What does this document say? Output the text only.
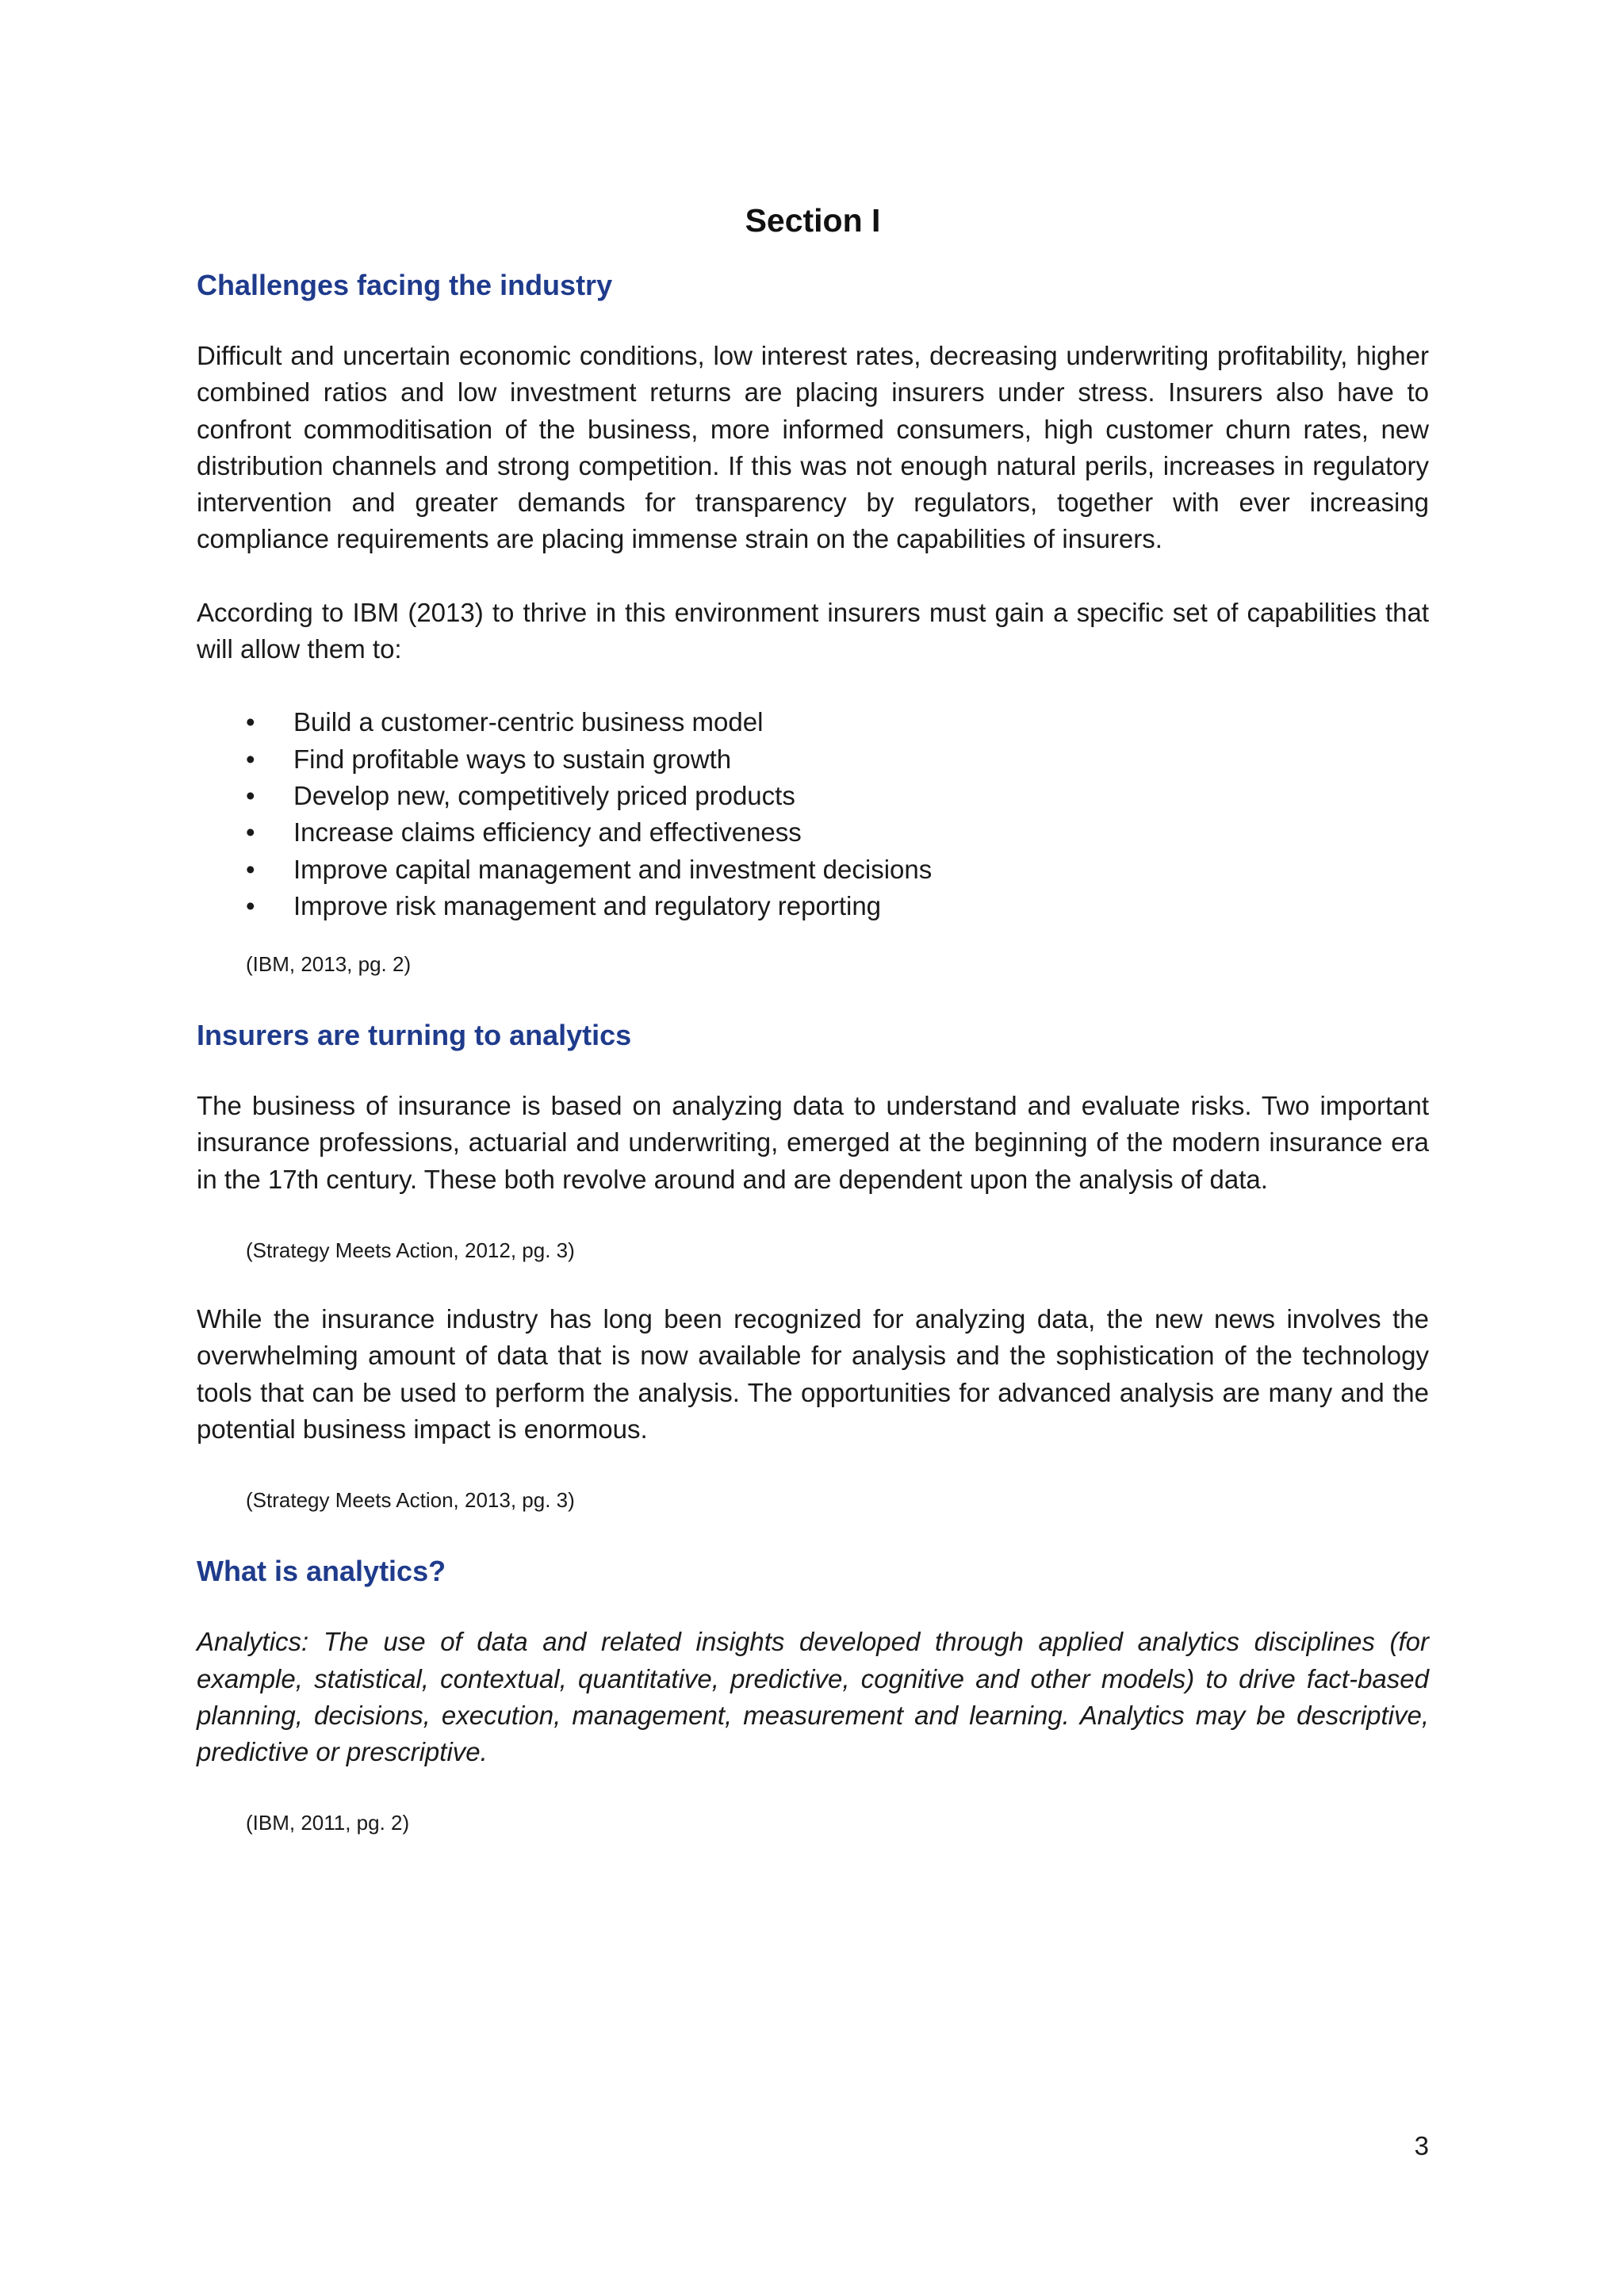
Section I
Challenges facing the industry

Difficult and uncertain economic conditions, low interest rates, decreasing underwriting profitability, higher combined ratios and low investment returns are placing insurers under stress. Insurers also have to confront commoditisation of the business, more informed consumers, high customer churn rates, new distribution channels and strong competition. If this was not enough natural perils, increases in regulatory intervention and greater demands for transparency by regulators, together with ever increasing compliance requirements are placing immense strain on the capabilities of insurers.

According to IBM (2013) to thrive in this environment insurers must gain a specific set of capabilities that will allow them to:

• Build a customer-centric business model
• Find profitable ways to sustain growth
• Develop new, competitively priced products
• Increase claims efficiency and effectiveness
• Improve capital management and investment decisions
• Improve risk management and regulatory reporting

(IBM, 2013, pg. 2)

Insurers are turning to analytics

The business of insurance is based on analyzing data to understand and evaluate risks. Two important insurance professions, actuarial and underwriting, emerged at the beginning of the modern insurance era in the 17th century. These both revolve around and are dependent upon the analysis of data.

(Strategy Meets Action, 2012, pg. 3)

While the insurance industry has long been recognized for analyzing data, the new news involves the overwhelming amount of data that is now available for analysis and the sophistication of the technology tools that can be used to perform the analysis. The opportunities for advanced analysis are many and the potential business impact is enormous.

(Strategy Meets Action, 2013, pg. 3)

What is analytics?

Analytics: The use of data and related insights developed through applied analytics disciplines (for example, statistical, contextual, quantitative, predictive, cognitive and other models) to drive fact-based planning, decisions, execution, management, measurement and learning. Analytics may be descriptive, predictive or prescriptive.

(IBM, 2011, pg. 2)

3
